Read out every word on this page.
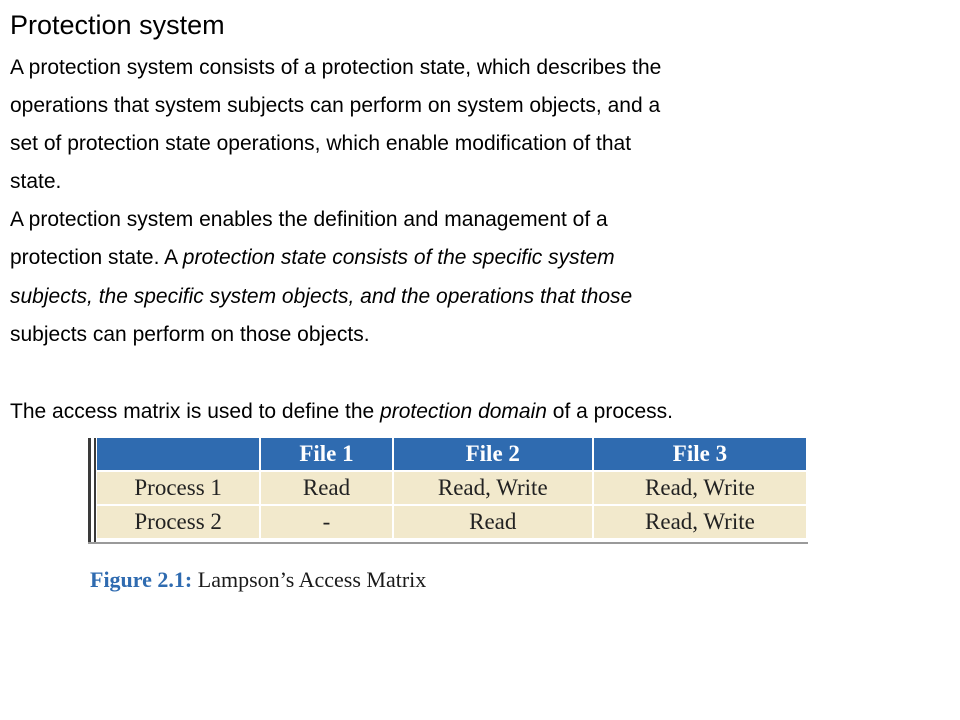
Protection system

A protection system consists of a protection state, which describes the

operations that system subjects can perform on system objects, and a

set of protection state operations, which enable modification of that

state.

A protection system enables the definition and management of a

protection state. A protection state consists of the specific system

subjects, the specific system objects, and the operations that those

subjects can perform on those objects.

The access matrix is used to define the protection domain of a process.

	File 1	File 2	File 3
Process 1	Read	Read, Write	Read, Write
Process 2	-	Read	Read, Write
Figure 2.1: Lampson’s Access Matrix
